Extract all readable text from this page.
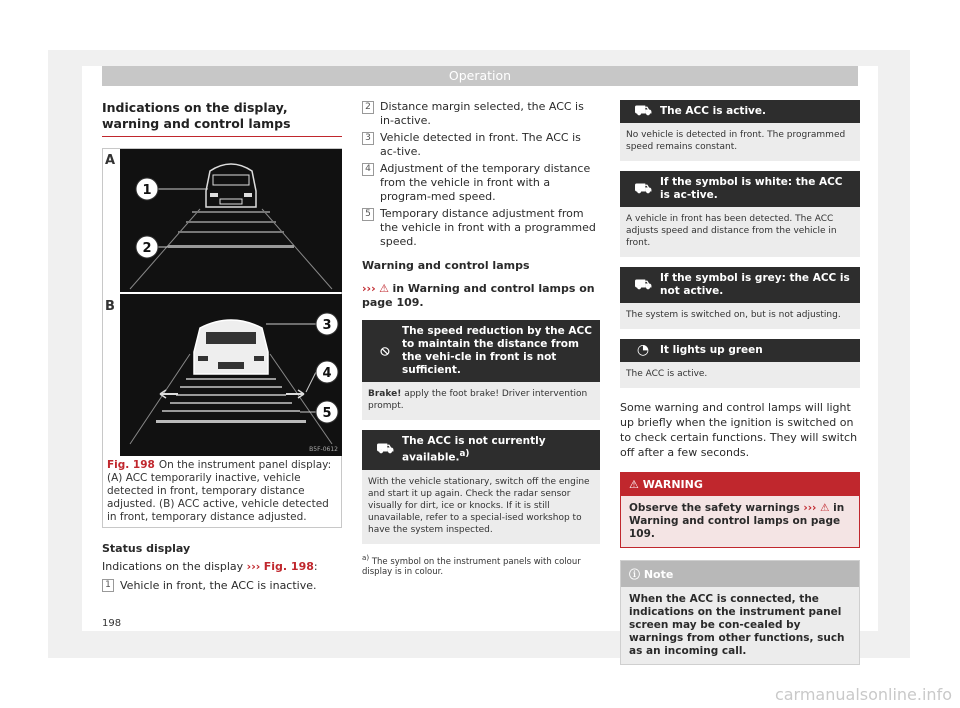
Operation
Indications on the display, warning and control lamps
A
B
1
2
3
4
5
B5F-0612
Fig. 198 On the instrument panel display: (A) ACC temporarily inactive, vehicle detected in front, temporary distance adjusted. (B) ACC active, vehicle detected in front, temporary distance adjusted.
Status display
Indications on the display ››› Fig. 198:
1 Vehicle in front, the ACC is inactive.
2 Distance margin selected, the ACC is in-active.
3 Vehicle detected in front. The ACC is ac-tive.
4 Adjustment of the temporary distance from the vehicle in front with a program-med speed.
5 Temporary distance adjustment from the vehicle in front with a programmed speed.
Warning and control lamps
››› ⚠ in Warning and control lamps on page 109.
⦸
The speed reduction by the ACC to maintain the distance from the vehi-cle in front is not sufficient.
Brake! apply the foot brake! Driver intervention prompt.
⛟
The ACC is not currently available.$^{a)}$
With the vehicle stationary, switch off the engine and start it up again. Check the radar sensor visually for dirt, ice or knocks. If it is still unavailable, refer to a special-ised workshop to have the system inspected.
$^{a)}$ The symbol on the instrument panels with colour display is in colour.
⛟ The ACC is active.
No vehicle is detected in front. The programmed speed remains constant.
⛟ If the symbol is white: the ACC is ac-tive.
A vehicle in front has been detected. The ACC adjusts speed and distance from the vehicle in front.
⛟ If the symbol is grey: the ACC is not active.
The system is switched on, but is not adjusting.
◔	It lights up green
The ACC is active.
Some warning and control lamps will light up briefly when the ignition is switched on to check certain functions. They will switch off after a few seconds.
⚠ WARNING
Observe the safety warnings ››› ⚠ in Warning and control lamps on page 109.
ⓘ Note
When the ACC is connected, the indications on the instrument panel screen may be con-cealed by warnings from other functions, such as an incoming call.
198
carmanualsonline.info
